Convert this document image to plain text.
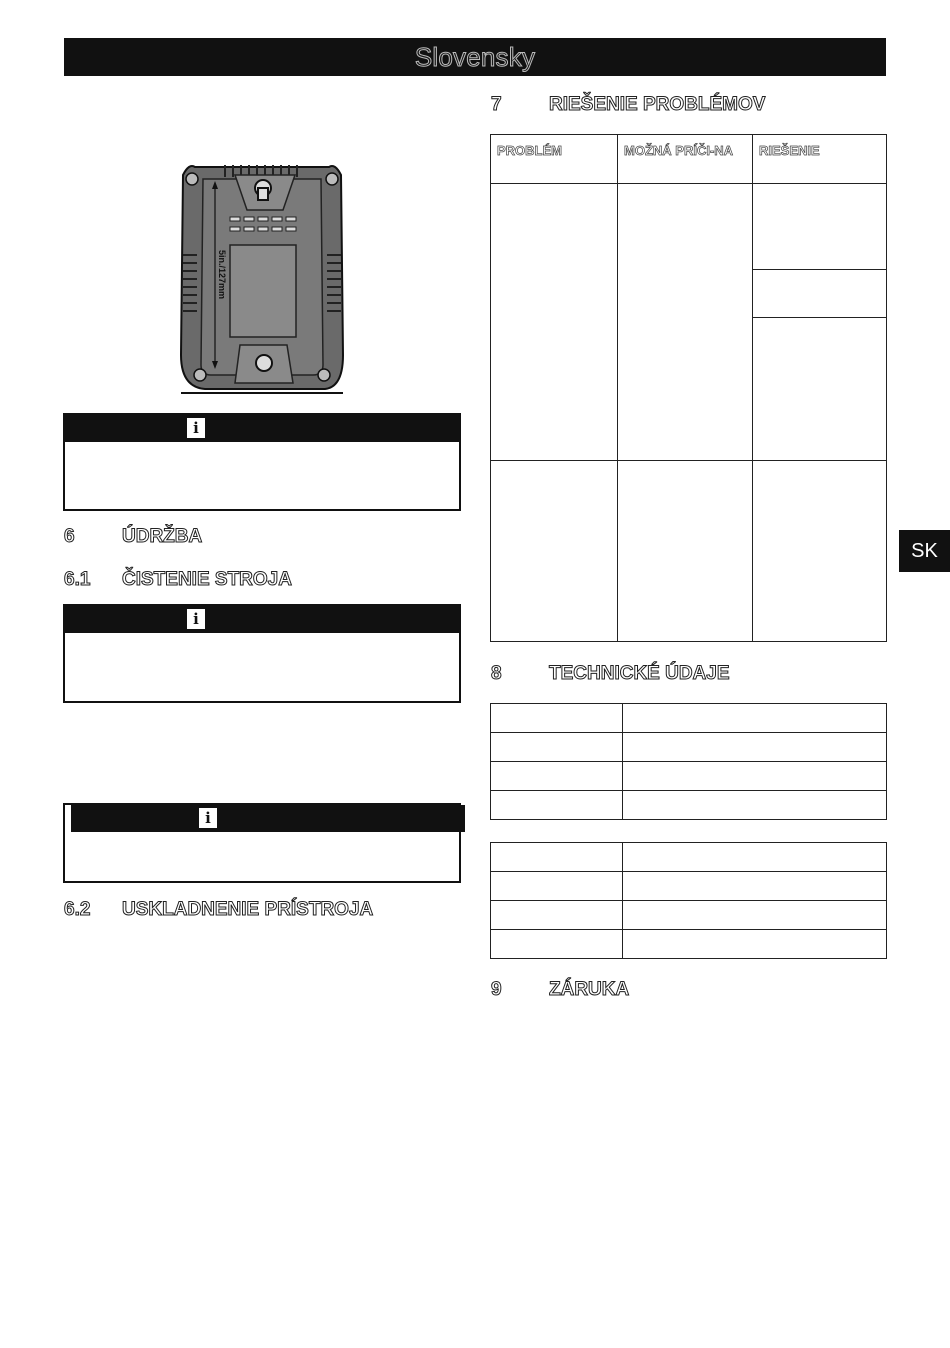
Slovensky
SK
5in./127mm
i
6 ÚDRŽBA
6.1 ČISTENIE STROJA
i
i
6.2 USKLADNENIE PRÍSTROJA
7 RIEŠENIE PROBLÉMOV
PROBLÉM	MOŽNÁ PRÍČI-NA	RIEŠENIE

8 TECHNICKÉ ÚDAJE

9 ZÁRUKA
